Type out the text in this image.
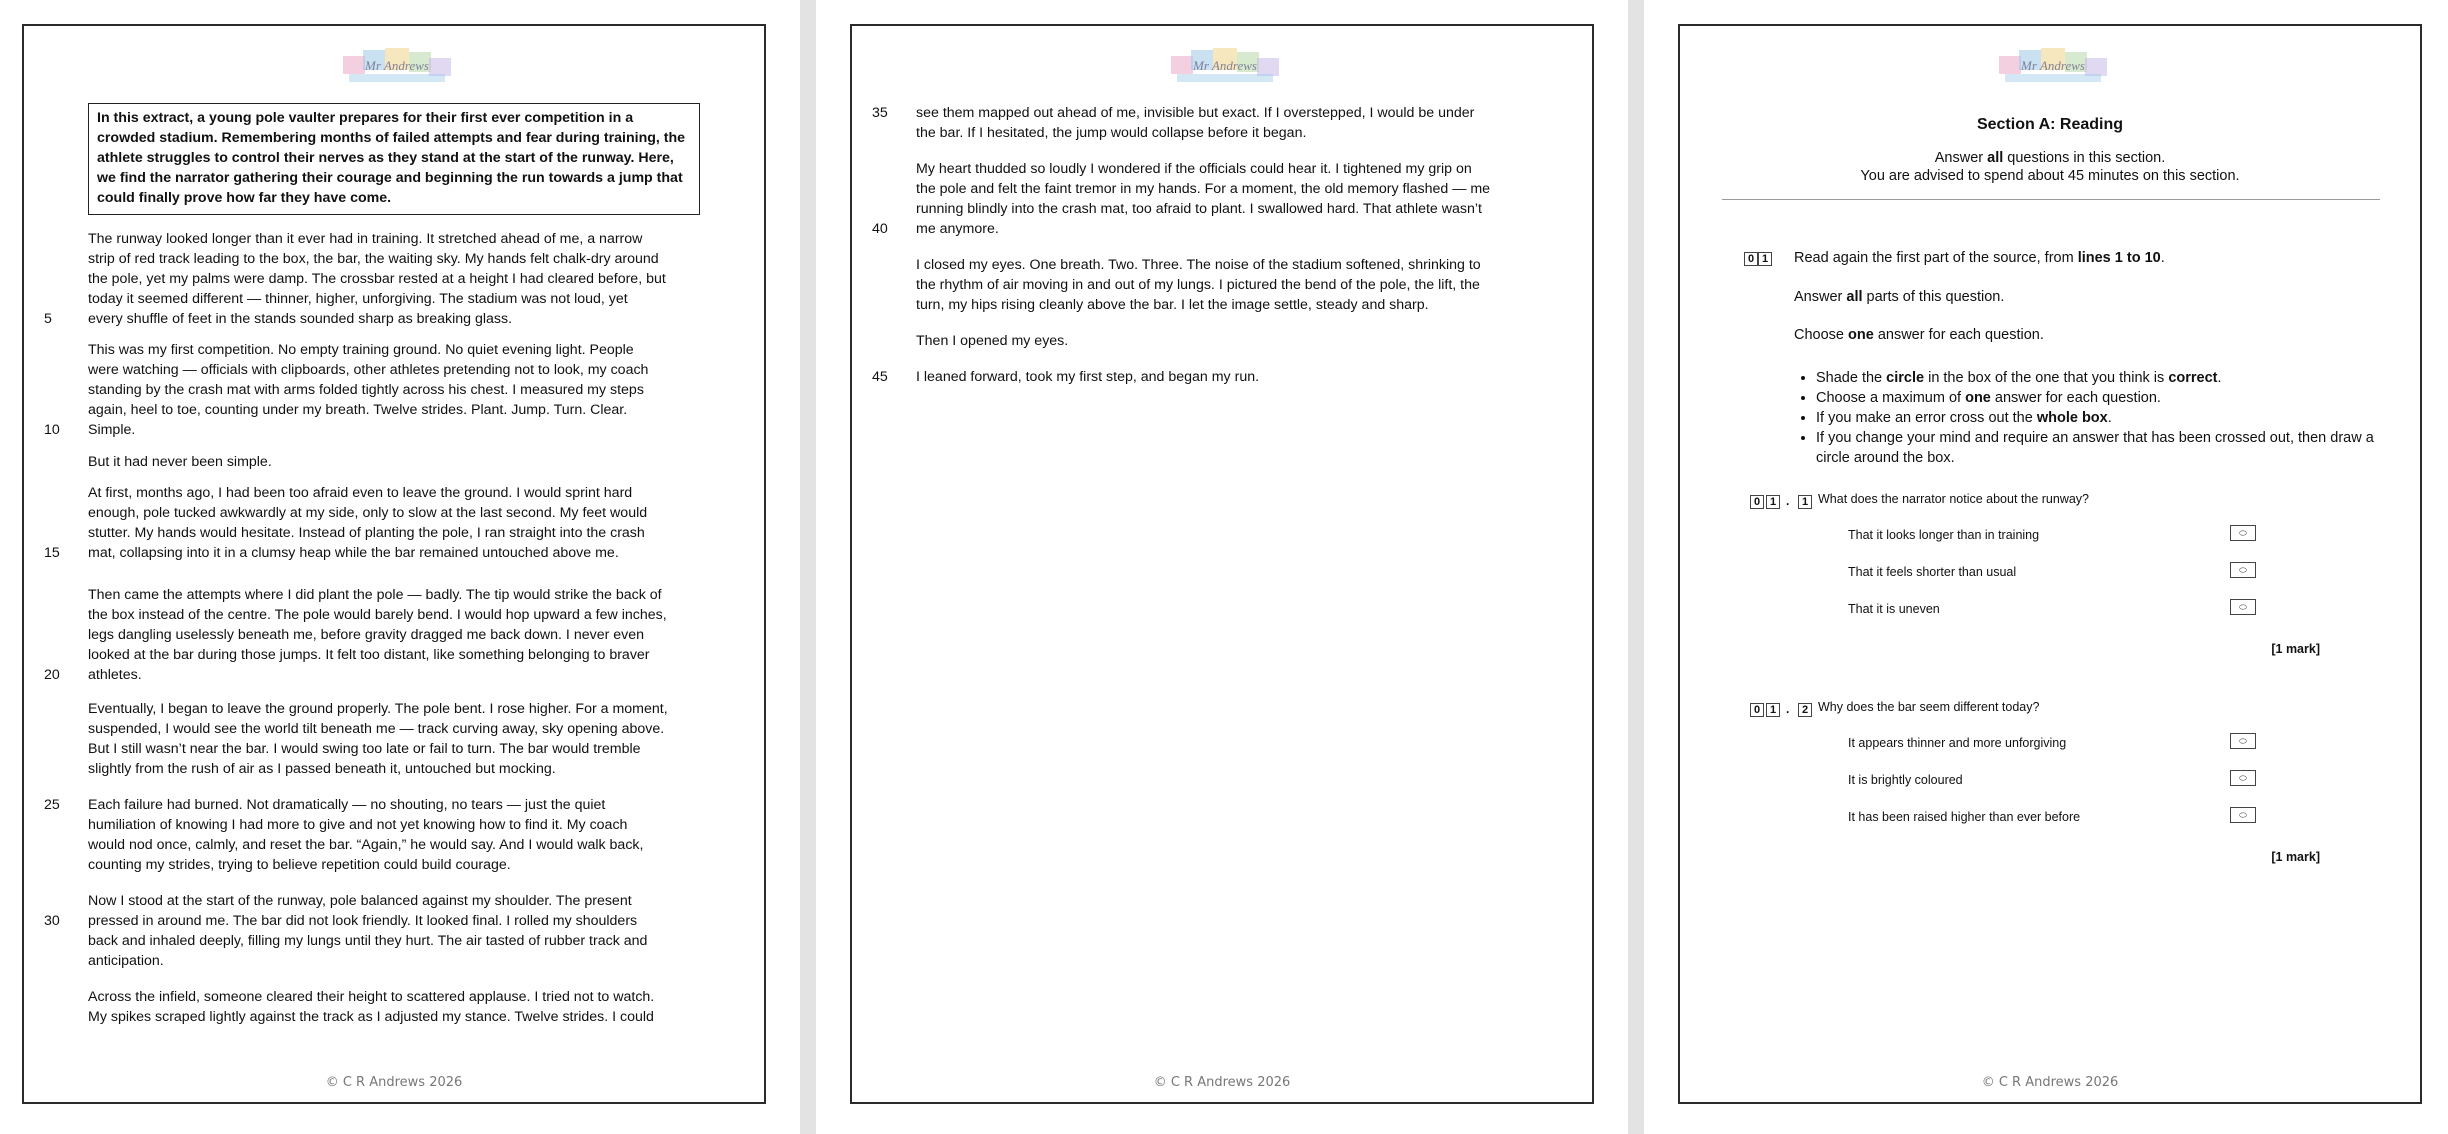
Mr Andrews
In this extract, a young pole vaulter prepares for their first ever competition in a crowded stadium. Remembering months of failed attempts and fear during training, the athlete struggles to control their nerves as they stand at the start of the runway. Here, we find the narrator gathering their courage and beginning the run towards a jump that could finally prove how far they have come.
The runway looked longer than it ever had in training. It stretched ahead of me, a narrow
strip of red track leading to the box, the bar, the waiting sky. My hands felt chalk-dry around
the pole, yet my palms were damp. The crossbar rested at a height I had cleared before, but
today it seemed different — thinner, higher, unforgiving. The stadium was not loud, yet
5	every shuffle of feet in the stands sounded sharp as breaking glass.
This was my first competition. No empty training ground. No quiet evening light. People
were watching — officials with clipboards, other athletes pretending not to look, my coach
standing by the crash mat with arms folded tightly across his chest. I measured my steps
again, heel to toe, counting under my breath. Twelve strides. Plant. Jump. Turn. Clear.
10	Simple.
But it had never been simple.
At first, months ago, I had been too afraid even to leave the ground. I would sprint hard
enough, pole tucked awkwardly at my side, only to slow at the last second. My feet would
stutter. My hands would hesitate. Instead of planting the pole, I ran straight into the crash
15	mat, collapsing into it in a clumsy heap while the bar remained untouched above me.
Then came the attempts where I did plant the pole — badly. The tip would strike the back of
the box instead of the centre. The pole would barely bend. I would hop upward a few inches,
legs dangling uselessly beneath me, before gravity dragged me back down. I never even
looked at the bar during those jumps. It felt too distant, like something belonging to braver
20	athletes.
Eventually, I began to leave the ground properly. The pole bent. I rose higher. For a moment,
suspended, I would see the world tilt beneath me — track curving away, sky opening above.
But I still wasn’t near the bar. I would swing too late or fail to turn. The bar would tremble
slightly from the rush of air as I passed beneath it, untouched but mocking.
25	Each failure had burned. Not dramatically — no shouting, no tears — just the quiet
humiliation of knowing I had more to give and not yet knowing how to find it. My coach
would nod once, calmly, and reset the bar. “Again,” he would say. And I would walk back,
counting my strides, trying to believe repetition could build courage.
Now I stood at the start of the runway, pole balanced against my shoulder. The present
30	pressed in around me. The bar did not look friendly. It looked final. I rolled my shoulders
back and inhaled deeply, filling my lungs until they hurt. The air tasted of rubber track and
anticipation.
Across the infield, someone cleared their height to scattered applause. I tried not to watch.
My spikes scraped lightly against the track as I adjusted my stance. Twelve strides. I could
© C R Andrews 2026
Mr Andrews
35	see them mapped out ahead of me, invisible but exact. If I overstepped, I would be under
the bar. If I hesitated, the jump would collapse before it began.
My heart thudded so loudly I wondered if the officials could hear it. I tightened my grip on
the pole and felt the faint tremor in my hands. For a moment, the old memory flashed — me
running blindly into the crash mat, too afraid to plant. I swallowed hard. That athlete wasn’t
40	me anymore.
I closed my eyes. One breath. Two. Three. The noise of the stadium softened, shrinking to
the rhythm of air moving in and out of my lungs. I pictured the bend of the pole, the lift, the
turn, my hips rising cleanly above the bar. I let the image settle, steady and sharp.
Then I opened my eyes.
45	I leaned forward, took my first step, and began my run.
© C R Andrews 2026
Mr Andrews
Section A: Reading
Answer all questions in this section.
You are advised to spend about 45 minutes on this section.
0 1 Read again the first part of the source, from lines 1 to 10.
Answer all parts of this question.
Choose one answer for each question.
• Shade the circle in the box of the one that you think is correct.
• Choose a maximum of one answer for each question.
• If you make an error cross out the whole box.
• If you change your mind and require an answer that has been crossed out, then draw a circle around the box.
0 1 .	1 What does the narrator notice about the runway?
That it looks longer than in training	⬭
That it feels shorter than usual	⬭
That it is uneven	⬭
[1 mark]
0 1 .	2 Why does the bar seem different today?
It appears thinner and more unforgiving	⬭
It is brightly coloured	⬭
It has been raised higher than ever before	⬭
[1 mark]
© C R Andrews 2026
